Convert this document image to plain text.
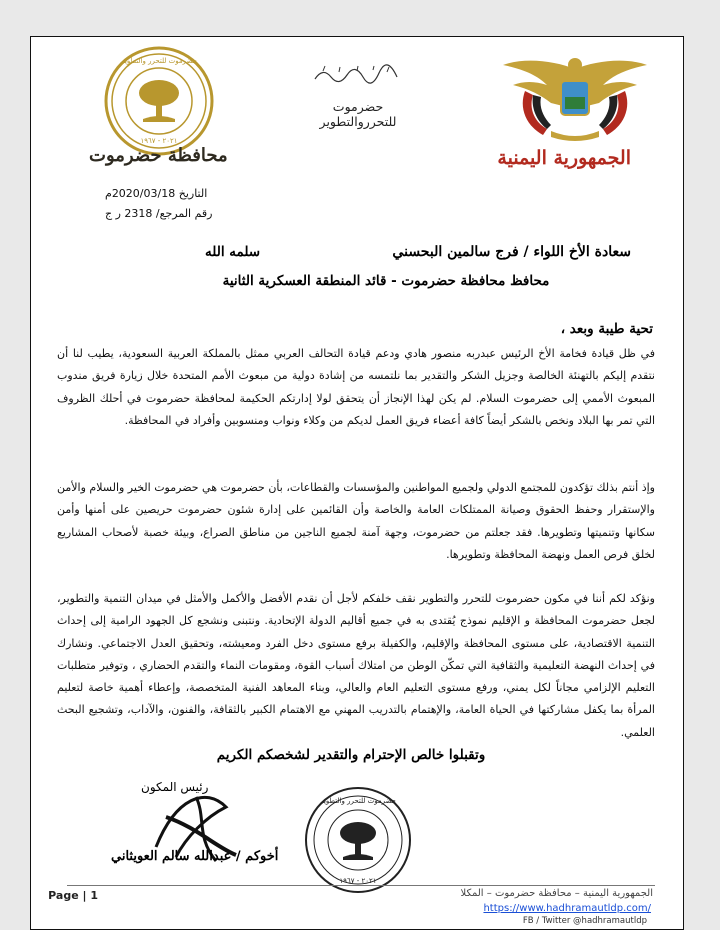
الجمهورية اليمنية
حضرموت للتحرر والتطوير
٢٠٢١ - ١٩٦٧
محافظة حضرموت
حضرموت للتحرروالتطوير
التاريخ 2020/03/18م
رقم المرجع/ 2318 ر ج
سعادة الأخ اللواء / فرج سالمين البحسني
سلمه الله
محافظ محافظة حضرموت - قائد المنطقة العسكرية الثانية
تحية طيبة وبعد ،
في ظل قيادة فخامة الأخ الرئيس عبدربه منصور هادي ودعم قيادة التحالف العربي ممثل بالمملكة العربية السعودية، يطيب لنا أن نتقدم إليكم بالتهنئة الخالصة وجزيل الشكر والتقدير بما نلتمسه من إشادة دولية من مبعوث الأمم المتحدة خلال زيارة فريق مندوب المبعوث الأممي إلى حضرموت السلام. لم يكن لهذا الإنجاز أن يتحقق لولا إدارتكم الحكيمة لمحافظة حضرموت في أحلك الظروف التي تمر بها البلاد ونخص بالشكر أيضاً كافة أعضاء فريق العمل لديكم من وكلاء ونواب ومنسوبين وأفراد في المحافظة.
وإذ أنتم بذلك تؤكدون للمجتمع الدولي ولجميع المواطنين والمؤسسات والقطاعات، بأن حضرموت هي حضرموت الخير والسلام والأمن والإستقرار وحفظ الحقوق وصيانة الممتلكات العامة والخاصة وأن القائمين على إدارة شئون حضرموت حريصين على أمنها وأمن سكانها وتنميتها وتطويرها. فقد جعلتم من حضرموت، وجهة آمنة لجميع الناجين من مناطق الصراع، وبيئة خصبة لأصحاب المشاريع لخلق فرص العمل ونهضة المحافظة وتطويرها.
ونؤكد لكم أننا في مكون حضرموت للتحرر والتطوير نقف خلفكم لأجل أن نقدم الأفضل والأكمل والأمثل في ميدان التنمية والتطوير، لجعل حضرموت المحافظة و الإقليم نموذج يُقتدى به في جميع أقاليم الدولة الإتحادية. ونتبنى ونشجع كل الجهود الرامية إلى إحداث التنمية الاقتصادية، على مستوى المحافظة والإقليم، والكفيلة برفع مستوى دخل الفرد ومعيشته، وتحقيق العدل الاجتماعي. ونشارك في إحداث النهضة التعليمية والثقافية التي تمكّن الوطن من امتلاك أسباب القوة، ومقومات النماء والتقدم الحضاري ، وتوفير متطلبات التعليم الإلزامي مجاناً لكل يمني، ورفع مستوى التعليم العام والعالي، وبناء المعاهد الفنية المتخصصة، وإعطاء أهمية خاصة لتعليم المرأة بما يكفل مشاركتها في الحياة العامة، والإهتمام بالتدريب المهني مع الاهتمام الكبير بالثقافة، والفنون، والآداب، وتشجيع البحث العلمي.
وتقبلوا خالص الإحترام والتقدير لشخصكم الكريم
رئيس المكون
أخوكم / عبدالله سالم العويثاني
حضرموت للتحرر والتطوير
٢٠٢١ - ١٩٦٧
Page | 1	الجمهورية اليمنية – محافظة حضرموت – المكلا
https://www.hadhramautldp.com/
FB / Twitter @hadhramautldp
